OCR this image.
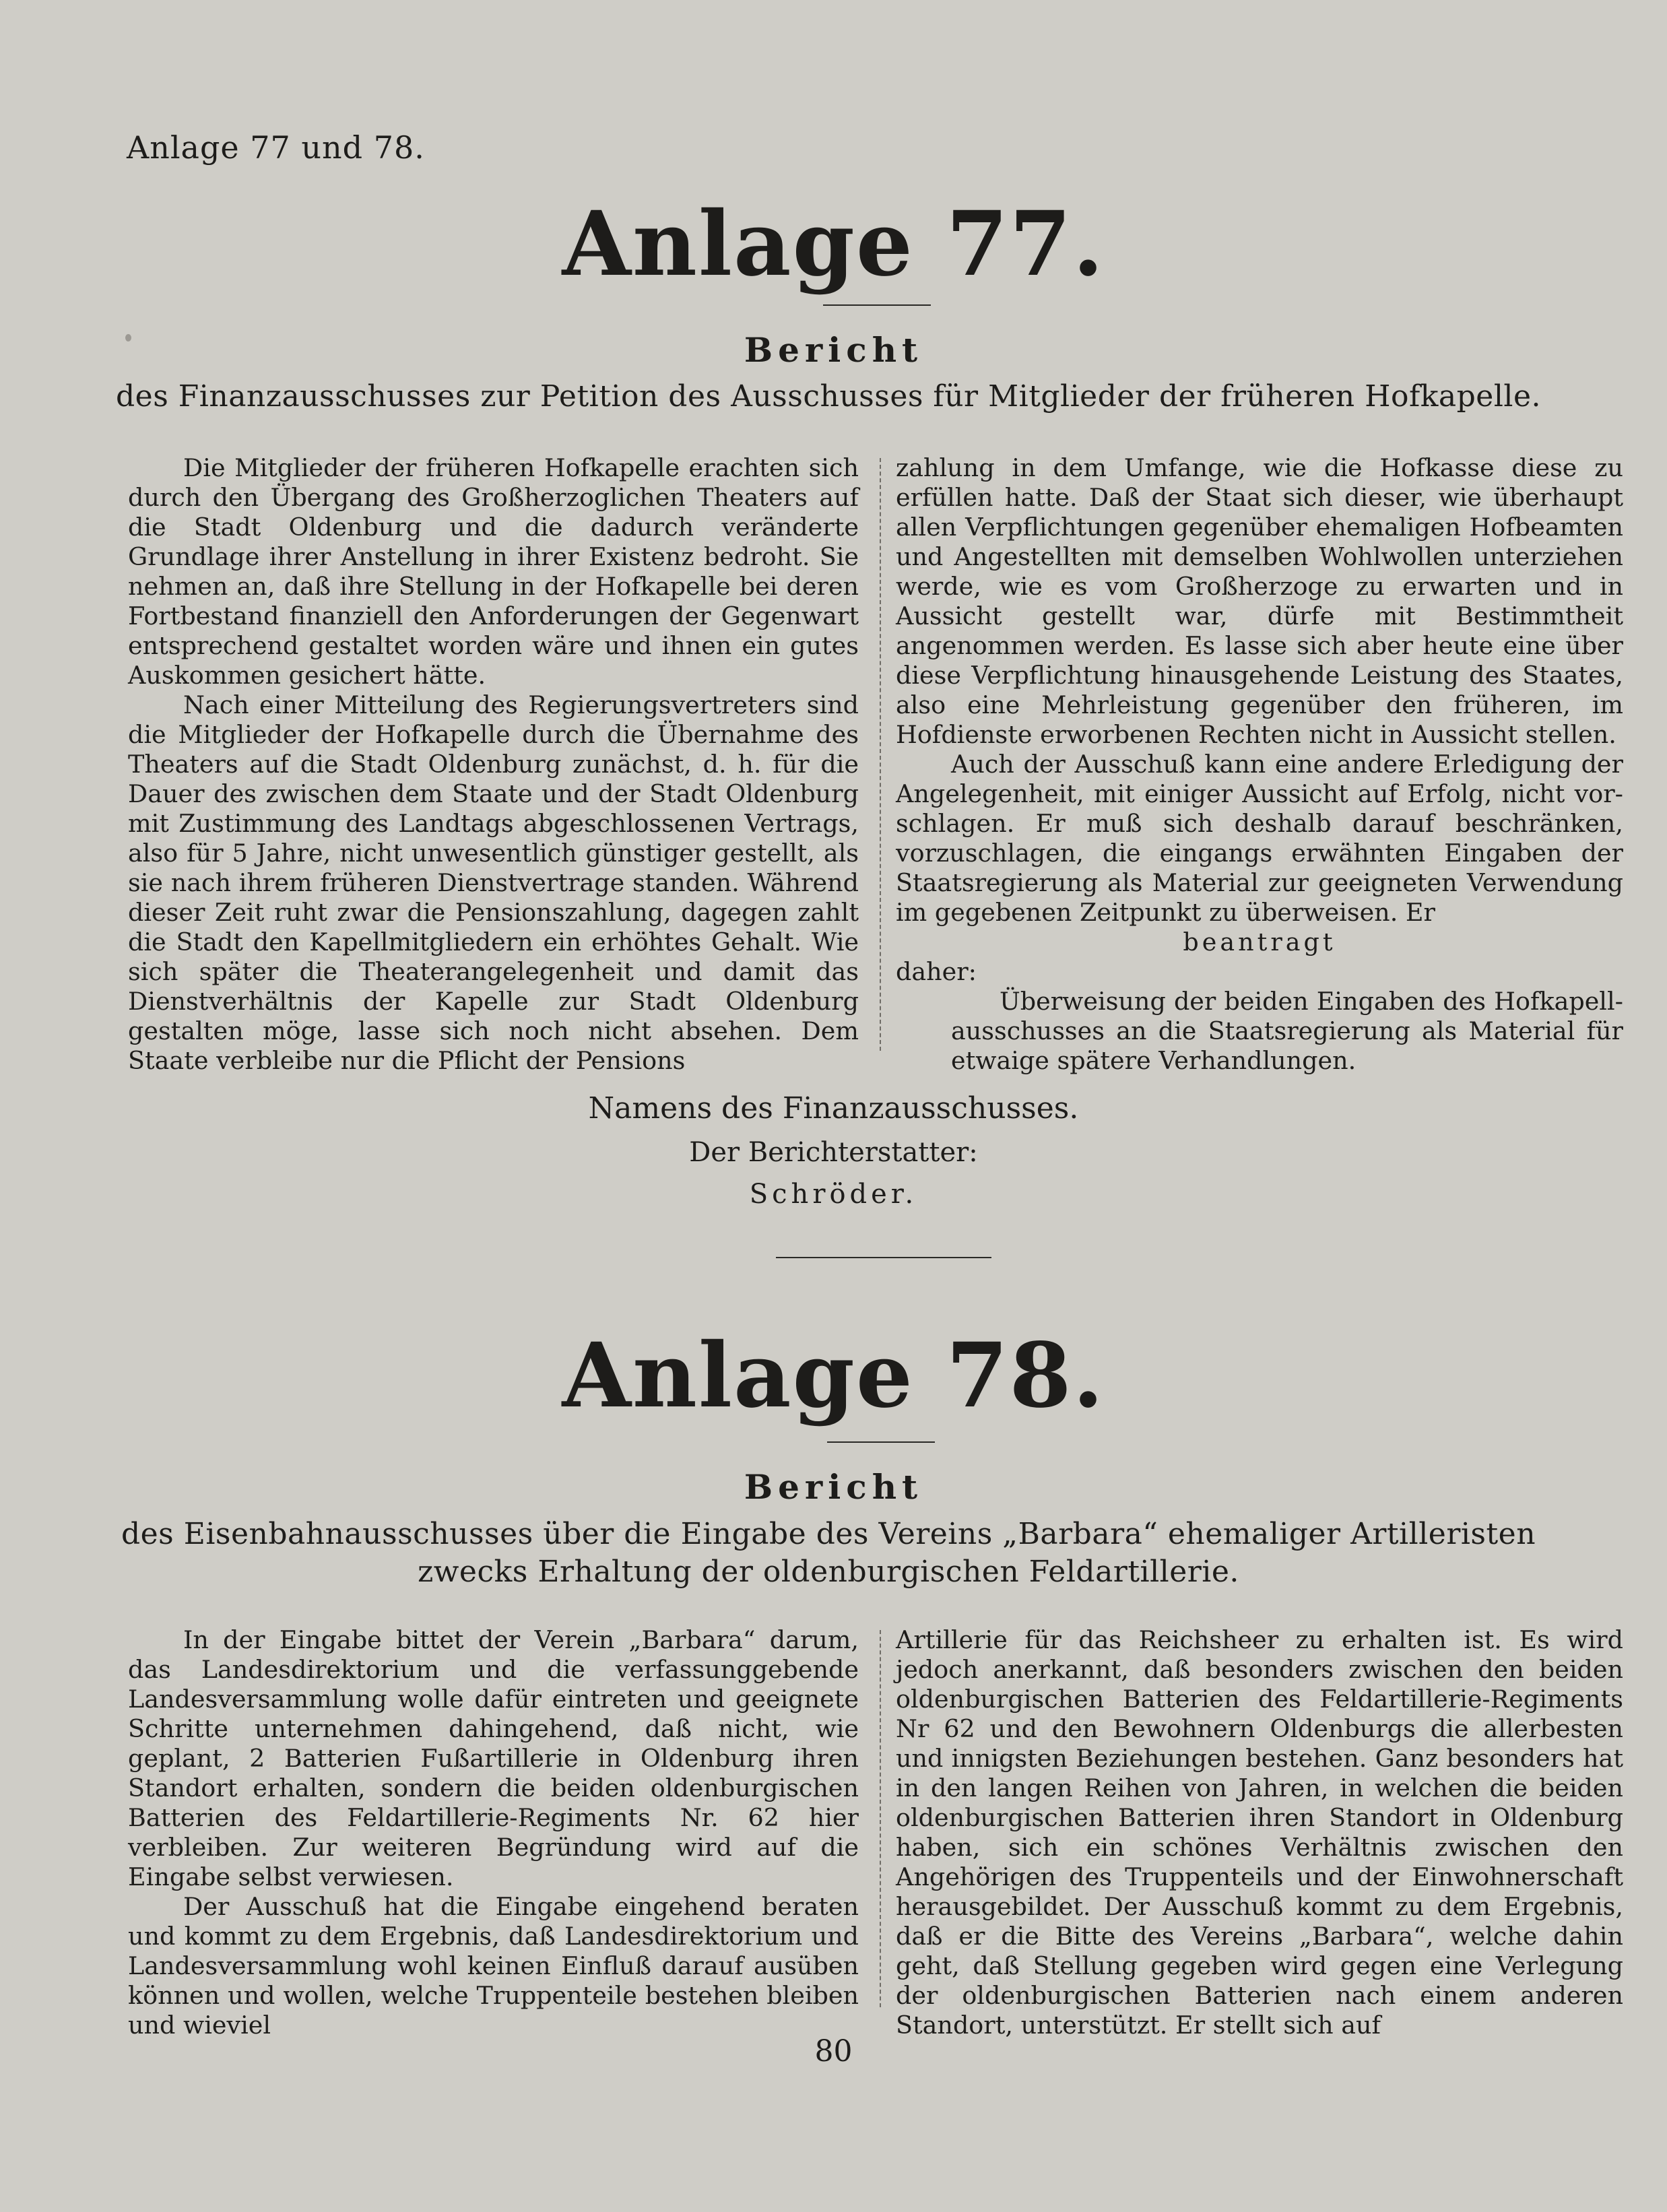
Anlage 77 und 78.
Anlage 77.
Bericht
des Finanzausschusses zur Petition des Ausschusses für Mitglieder der früheren Hofkapelle.

Die Mitglieder der früheren Hofkapelle erachten sich durch den Übergang des Großherzoglichen Theaters auf die Stadt Oldenburg und die dadurch veränderte Grundlage ihrer Anstellung in ihrer Existenz bedroht. Sie nehmen an, daß ihre Stellung in der Hofkapelle bei deren Fortbestand finanziell den Anforderungen der Gegenwart entsprechend gestaltet worden wäre und ihnen ein gutes Auskommen gesichert hätte.

Nach einer Mitteilung des Regierungsvertreters sind die Mitglieder der Hofkapelle durch die Übernahme des Theaters auf die Stadt Oldenburg zunächst, d. h. für die Dauer des zwischen dem Staate und der Stadt Oldenburg mit Zustimmung des Landtags abgeschlossenen Vertrags, also für 5 Jahre, nicht unwesentlich günstiger gestellt, als sie nach ihrem früheren Dienstvertrage standen. Während dieser Zeit ruht zwar die Pensionszahlung, dagegen zahlt die Stadt den Kapellmitgliedern ein erhöhtes Gehalt. Wie sich später die Theaterangelegenheit und damit das Dienstverhältnis der Kapelle zur Stadt Oldenburg gestalten möge, lasse sich noch nicht absehen. Dem Staate verbleibe nur die Pflicht der Pensions

zahlung in dem Umfange, wie die Hofkasse diese zu erfüllen hatte. Daß der Staat sich dieser, wie überhaupt allen Verpflichtungen gegenüber ehemaligen Hofbeamten und Angestellten mit demselben Wohlwollen unterziehen werde, wie es vom Großherzoge zu erwarten und in Aussicht gestellt war, dürfe mit Bestimmtheit angenommen werden. Es lasse sich aber heute eine über diese Verpflichtung hinausgehende Leistung des Staates, also eine Mehrleistung gegenüber den früheren, im Hofdienste erworbenen Rechten nicht in Aussicht stellen.

Auch der Ausschuß kann eine andere Erledigung der Angelegenheit, mit einiger Aussicht auf Erfolg, nicht vorschlagen. Er muß sich deshalb darauf beschränken, vorzuschlagen, die eingangs erwähnten Eingaben der Staatsregierung als Material zur geeigneten Verwendung im gegebenen Zeitpunkt zu überweisen. Er

beantragt

daher:

Überweisung der beiden Eingaben des Hofkapellausschusses an die Staatsregierung als Material für etwaige spätere Verhandlungen.

Namens des Finanzausschusses.
Der Berichterstatter:
Schröder.
Anlage 78.
Bericht
des Eisenbahnausschusses über die Eingabe des Vereins „Barbara“ ehemaliger Artilleristen zwecks Erhaltung der oldenburgischen Feldartillerie.

In der Eingabe bittet der Verein „Barbara“ darum, das Landesdirektorium und die verfassunggebende Landesversammlung wolle dafür eintreten und geeignete Schritte unternehmen dahingehend, daß nicht, wie geplant, 2 Batterien Fußartillerie in Oldenburg ihren Standort erhalten, sondern die beiden oldenburgischen Batterien des Feldartillerie-Regiments Nr. 62 hier verbleiben. Zur weiteren Begründung wird auf die Eingabe selbst verwiesen.

Der Ausschuß hat die Eingabe eingehend beraten und kommt zu dem Ergebnis, daß Landesdirektorium und Landesversammlung wohl keinen Einfluß darauf ausüben können und wollen, welche Truppenteile bestehen bleiben und wieviel

Artillerie für das Reichsheer zu erhalten ist. Es wird jedoch anerkannt, daß besonders zwischen den beiden oldenburgischen Batterien des Feldartillerie-Regiments Nr 62 und den Bewohnern Oldenburgs die allerbesten und innigsten Beziehungen bestehen. Ganz besonders hat in den langen Reihen von Jahren, in welchen die beiden oldenburgischen Batterien ihren Standort in Oldenburg haben, sich ein schönes Verhältnis zwischen den Angehörigen des Truppenteils und der Einwohnerschaft herausgebildet. Der Ausschuß kommt zu dem Ergebnis, daß er die Bitte des Vereins „Barbara“, welche dahin geht, daß Stellung gegeben wird gegen eine Verlegung der oldenburgischen Batterien nach einem anderen Standort, unterstützt. Er stellt sich auf

80
